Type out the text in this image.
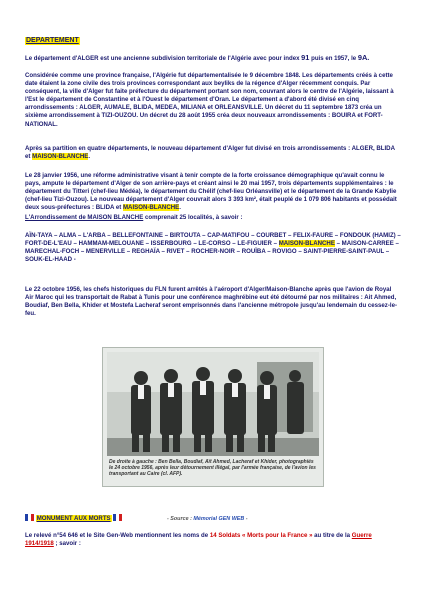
DEPARTEMENT
Le département d'ALGER est une ancienne subdivision territoriale de l'Algérie avec pour index 91 puis en 1957, le 9A.
Considérée comme une province française, l'Algérie fut départementalisée le 9 décembre 1848. Les départements créés à cette date étaient la zone civile des trois provinces correspondant aux beyliks de la régence d'Alger récemment conquis. Par conséquent, la ville d'Alger fut faite préfecture du département portant son nom, couvrant alors le centre de l'Algérie, laissant à l'Est le département de Constantine et à l'Ouest le département d'Oran. Le département a d'abord été divisé en cinq arrondissements : ALGER, AUMALE, BLIDA, MEDEA, MILIANA et ORLEANSVILLE. Un décret du 11 septembre 1873 créa un sixième arrondissement à TIZI-OUZOU. Un décret du 28 août 1955 créa deux nouveaux arrondissements : BOUIRA et FORT-NATIONAL.
Après sa partition en quatre départements, le nouveau département d'Alger fut divisé en trois arrondissements : ALGER, BLIDA et MAISON-BLANCHE.
Le 28 janvier 1956, une réforme administrative visant à tenir compte de la forte croissance démographique qu'avait connu le pays, ampute le département d'Alger de son arrière-pays et créant ainsi le 20 mai 1957, trois départements supplémentaires : le département du Titteri (chef-lieu Médéa), le département du Chélif (chef-lieu Orléansville) et le département de la Grande Kabylie (chef-lieu Tizi-Ouzou). Le nouveau département d'Alger couvrait alors 3 393 km², était peuplé de 1 079 806 habitants et possédait deux sous-préfectures : BLIDA et MAISON-BLANCHE.
L'Arrondissement de MAISON BLANCHE comprenait 25 localités, à savoir :
AÏN-TAYA – ALMA – L'ARBA – BELLEFONTAINE – BIRTOUTA – CAP-MATIFOU – COURBET – FELIX-FAURE – FONDOUK (HAMIZ) – FORT-DE-L'EAU – HAMMAM-MELOUANE – ISSERBOURG – LE-CORSO – LE-FIGUIER – MAISON-BLANCHE – MAISON-CARREE – MARECHAL-FOCH – MENERVILLE – REGHAÏA – RIVET – ROCHER-NOIR – ROUÏBA – ROVIGO – SAINT-PIERRE-SAINT-PAUL – SOUK-EL-HAAD -
Le 22 octobre 1956, les chefs historiques du FLN furent arrêtés à l'aéroport d'Alger/Maison-Blanche après que l'avion de Royal Air Maroc qui les transportait de Rabat à Tunis pour une conférence maghrébine eut été détourné par nos militaires : Ait Ahmed, Boudiaf, Ben Bella, Khider et Mostefa Lacheraf seront emprisonnés dans l'ancienne métropole jusqu'au lendemain du cessez-le-feu.
De droite à gauche : Ben Bella, Boudiaf, Aït Ahmed, Lacheraf et Khider, photographiés le 24 octobre 1956, après leur détournement illégal, par l'armée française, de l'avion les transportant au Caire (cl. AFP).
MONUMENT AUX MORTS	- Source : Mémorial GEN WEB -
Le relevé n°54 646 et le Site Gen-Web mentionnent les noms de 14 Soldats « Morts pour la France » au titre de la Guerre 1914/1918 ; savoir :
